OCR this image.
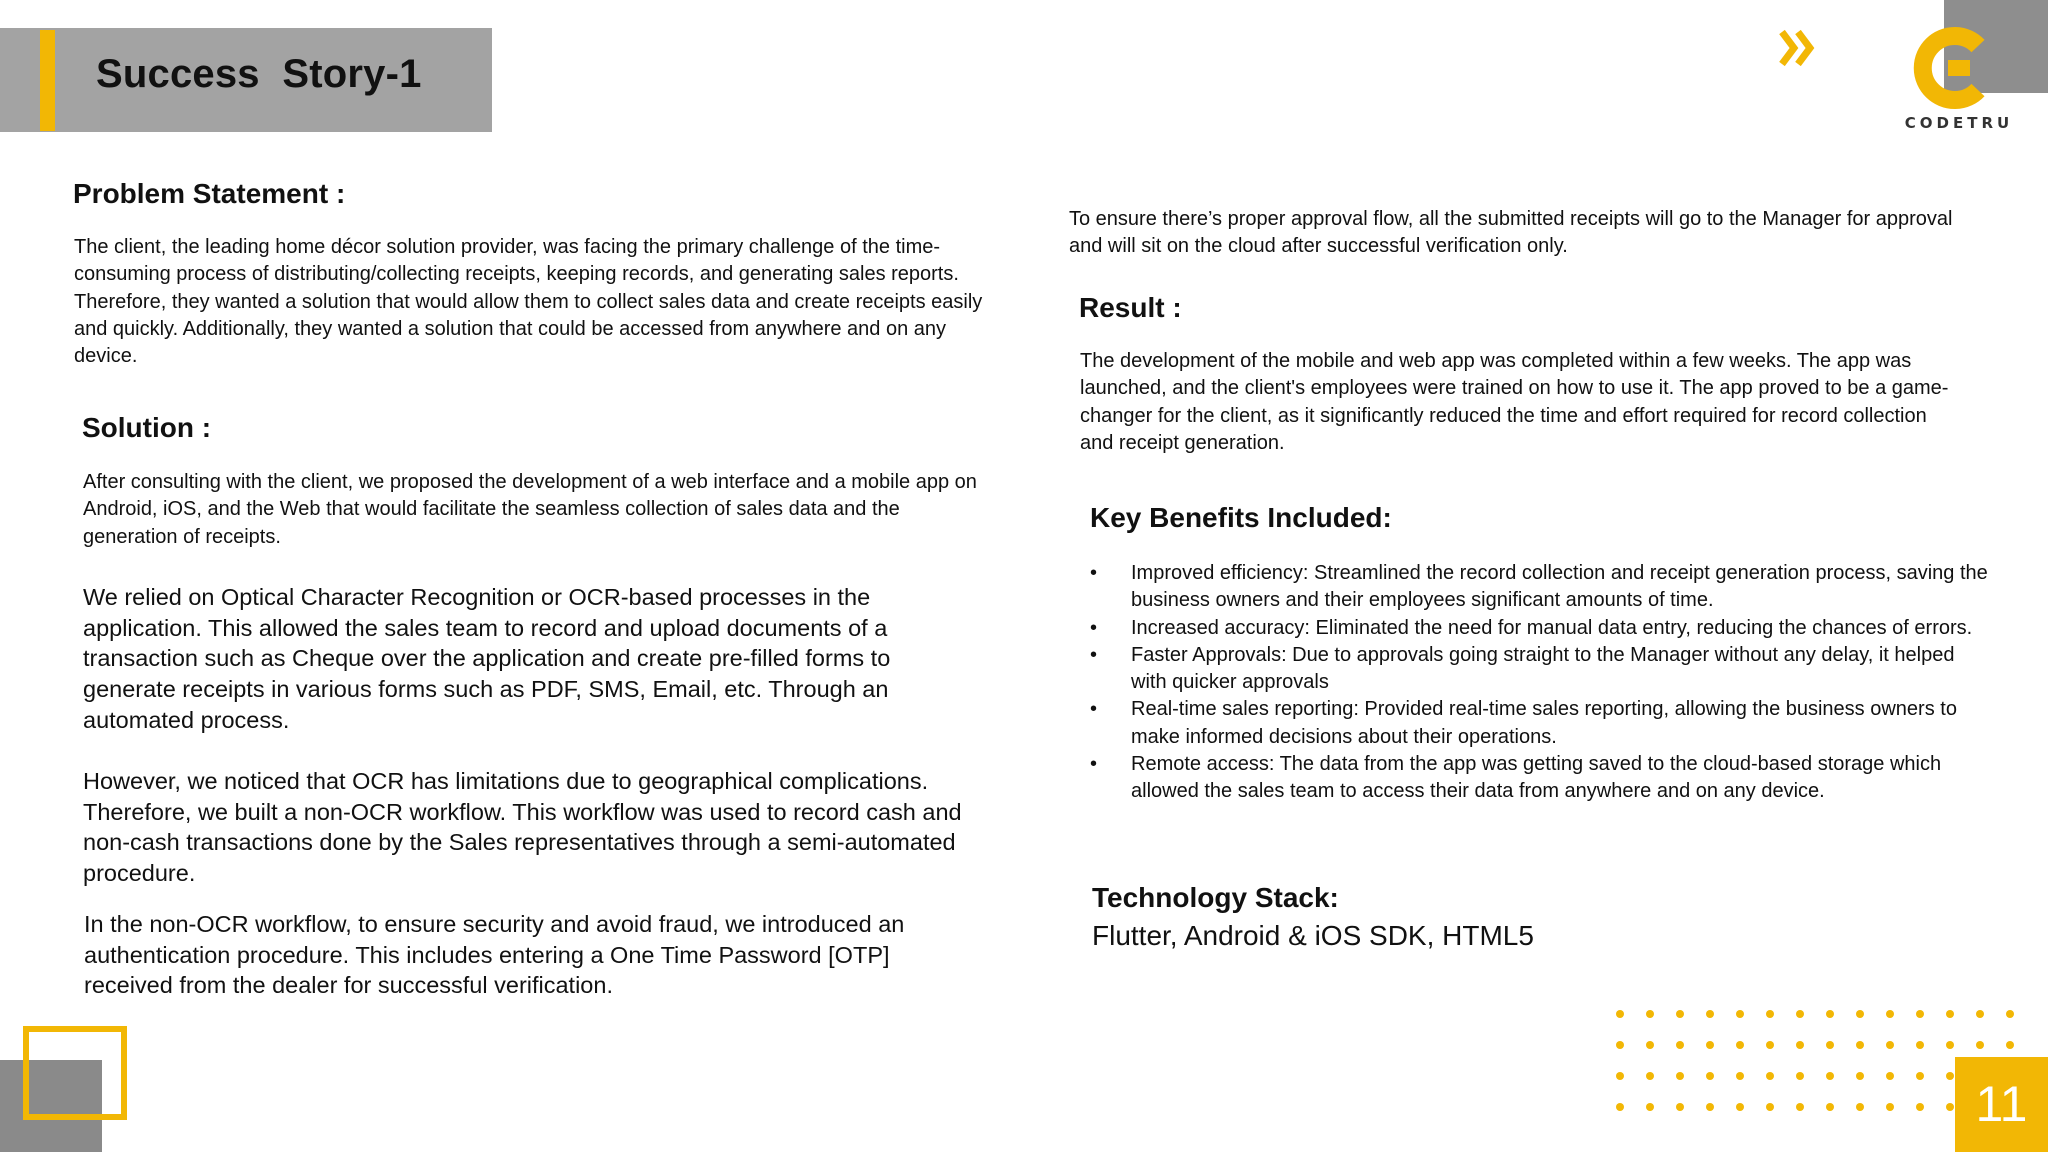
Success  Story-1
CODETRU
Problem Statement :
The client, the leading home décor solution provider, was facing the primary challenge of the time-consuming process of distributing/collecting receipts, keeping records, and generating sales reports. Therefore, they wanted a solution that would allow them to collect sales data and create receipts easily and quickly. Additionally, they wanted a solution that could be accessed from anywhere and on any device.
Solution :
After consulting with the client, we proposed the development of a web interface and a mobile app on Android, iOS, and the Web that would facilitate the seamless collection of sales data and the generation of receipts.
We relied on Optical Character Recognition or OCR-based processes in the application. This allowed the sales team to record and upload documents of a transaction such as Cheque over the application and create pre-filled forms to generate receipts in various forms such as PDF, SMS, Email, etc. Through an automated process.
However, we noticed that OCR has limitations due to geographical complications. Therefore, we built a non-OCR workflow. This workflow was used to record cash and non-cash transactions done by the Sales representatives through a semi-automated procedure.
In the non-OCR workflow, to ensure security and avoid fraud, we introduced an authentication procedure. This includes entering a One Time Password [OTP] received from the dealer for successful verification.
To ensure there’s proper approval flow, all the submitted receipts will go to the Manager for approval and will sit on the cloud after successful verification only.
Result :
The development of the mobile and web app was completed within a few weeks. The app was launched, and the client's employees were trained on how to use it. The app proved to be a game-changer for the client, as it significantly reduced the time and effort required for record collection and receipt generation.
Key Benefits Included:
• Improved efficiency: Streamlined the record collection and receipt generation process, saving the business owners and their employees significant amounts of time.
• Increased accuracy: Eliminated the need for manual data entry, reducing the chances of errors.
• Faster Approvals: Due to approvals going straight to the Manager without any delay, it helped with quicker approvals
• Real-time sales reporting: Provided real-time sales reporting, allowing the business owners to make informed decisions about their operations.
• Remote access: The data from the app was getting saved to the cloud-based storage which allowed the sales team to access their data from anywhere and on any device.
Technology Stack:
Flutter, Android & iOS SDK, HTML5
11
